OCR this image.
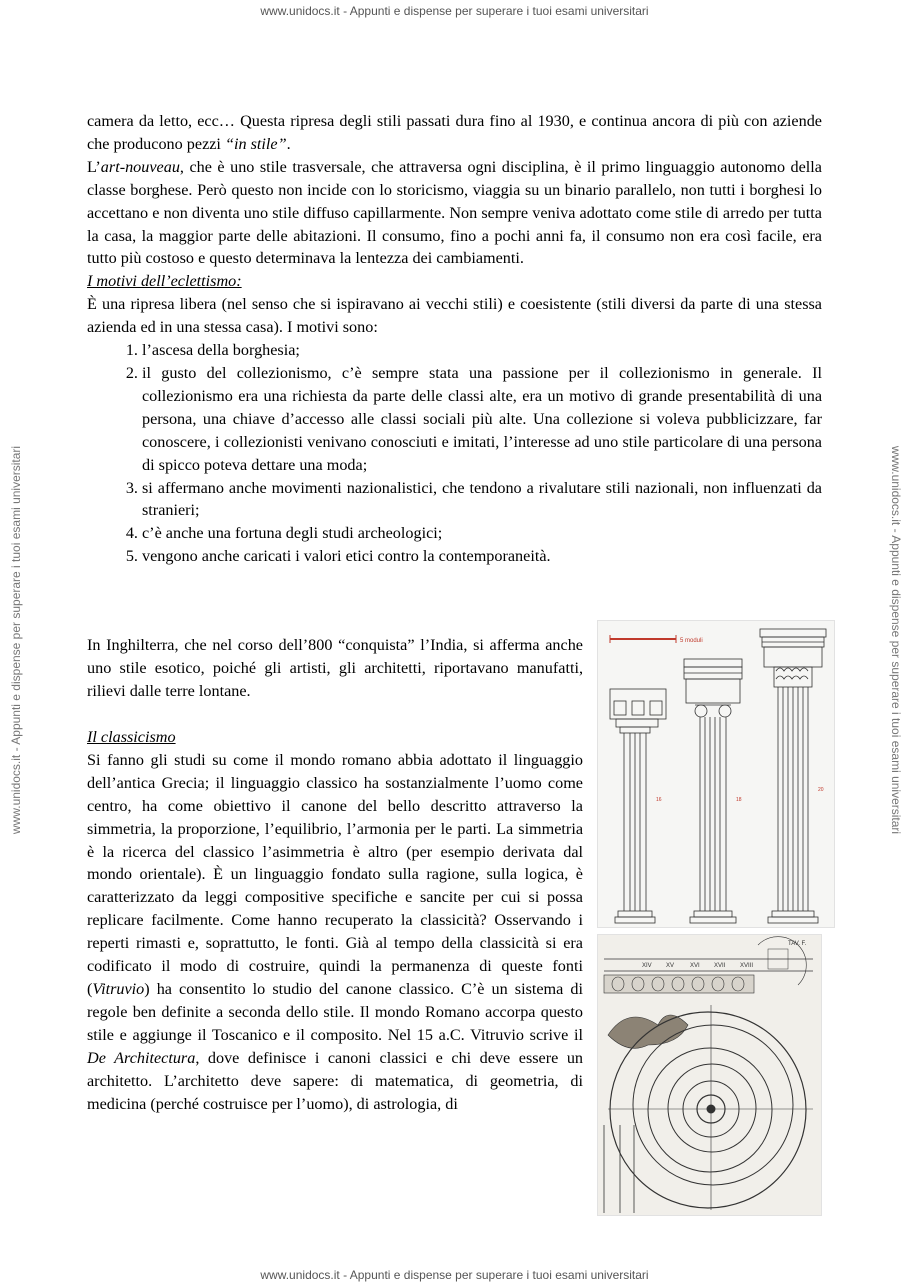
www.unidocs.it - Appunti e dispense per superare i tuoi esami universitari
www.unidocs.it - Appunti e dispense per superare i tuoi esami universitari	www.unidocs.it - Appunti e dispense per superare i tuoi esami universitari

camera da letto, ecc… Questa ripresa degli stili passati dura fino al 1930, e continua ancora di più con aziende che producono pezzi “in stile”.

L’art-nouveau, che è uno stile trasversale, che attraversa ogni disciplina, è il primo linguaggio autonomo della classe borghese. Però questo non incide con lo storicismo, viaggia su un binario parallelo, non tutti i borghesi lo accettano e non diventa uno stile diffuso capillarmente. Non sempre veniva adottato come stile di arredo per tutta la casa, la maggior parte delle abitazioni. Il consumo, fino a pochi anni fa, il consumo non era così facile, era tutto più costoso e questo determinava la lentezza dei cambiamenti.

I motivi dell’eclettismo:

È una ripresa libera (nel senso che si ispiravano ai vecchi stili) e coesistente (stili diversi da parte di una stessa azienda ed in una stessa casa). I motivi sono:

1. l’ascesa della borghesia;
2. il gusto del collezionismo, c’è sempre stata una passione per il collezionismo in generale. Il collezionismo era una richiesta da parte delle classi alte, era un motivo di grande presentabilità di una persona, una chiave d’accesso alle classi sociali più alte. Una collezione si voleva pubblicizzare, far conoscere, i collezionisti venivano conosciuti e imitati, l’interesse ad uno stile particolare di una persona di spicco poteva dettare una moda;
3. si affermano anche movimenti nazionalistici, che tendono a rivalutare stili nazionali, non influenzati da stranieri;
4. c’è anche una fortuna degli studi archeologici;
5. vengono anche caricati i valori etici contro la contemporaneità.

In Inghilterra, che nel corso dell’800 “conquista” l’India, si afferma anche uno stile esotico, poiché gli artisti, gli architetti, riportavano manufatti, rilievi dalle terre lontane.

Il classicismo

Si fanno gli studi su come il mondo romano abbia adottato il linguaggio dell’antica Grecia; il linguaggio classico ha sostanzialmente l’uomo come centro, ha come obiettivo il canone del bello descritto attraverso la simmetria, la proporzione, l’equilibrio, l’armonia per le parti. La simmetria è la ricerca del classico l’asimmetria è altro (per esempio derivata dal mondo orientale). È un linguaggio fondato sulla ragione, sulla logica, è caratterizzato da leggi compositive specifiche e sancite per cui si possa replicare facilmente. Come hanno recuperato la classicità? Osservando i reperti rimasti e, soprattutto, le fonti. Già al tempo della classicità si era codificato il modo di costruire, quindi la permanenza di queste fonti (Vitruvio) ha consentito lo studio del canone classico. C’è un sistema di regole ben definite a seconda dello stile. Il mondo Romano accorpa questo stile e aggiunge il Toscanico e il composito. Nel 15 a.C. Vitruvio scrive il De Architectura, dove definisce i canoni classici e chi deve essere un architetto. L’architetto deve sapere: di matematica, di geometria, di medicina (perché costruisce per l’uomo), di astrologia, di

5 moduli
16	18
20
TAV. F.
XIV XV	XVI XVII XVIII
www.unidocs.it - Appunti e dispense per superare i tuoi esami universitari
